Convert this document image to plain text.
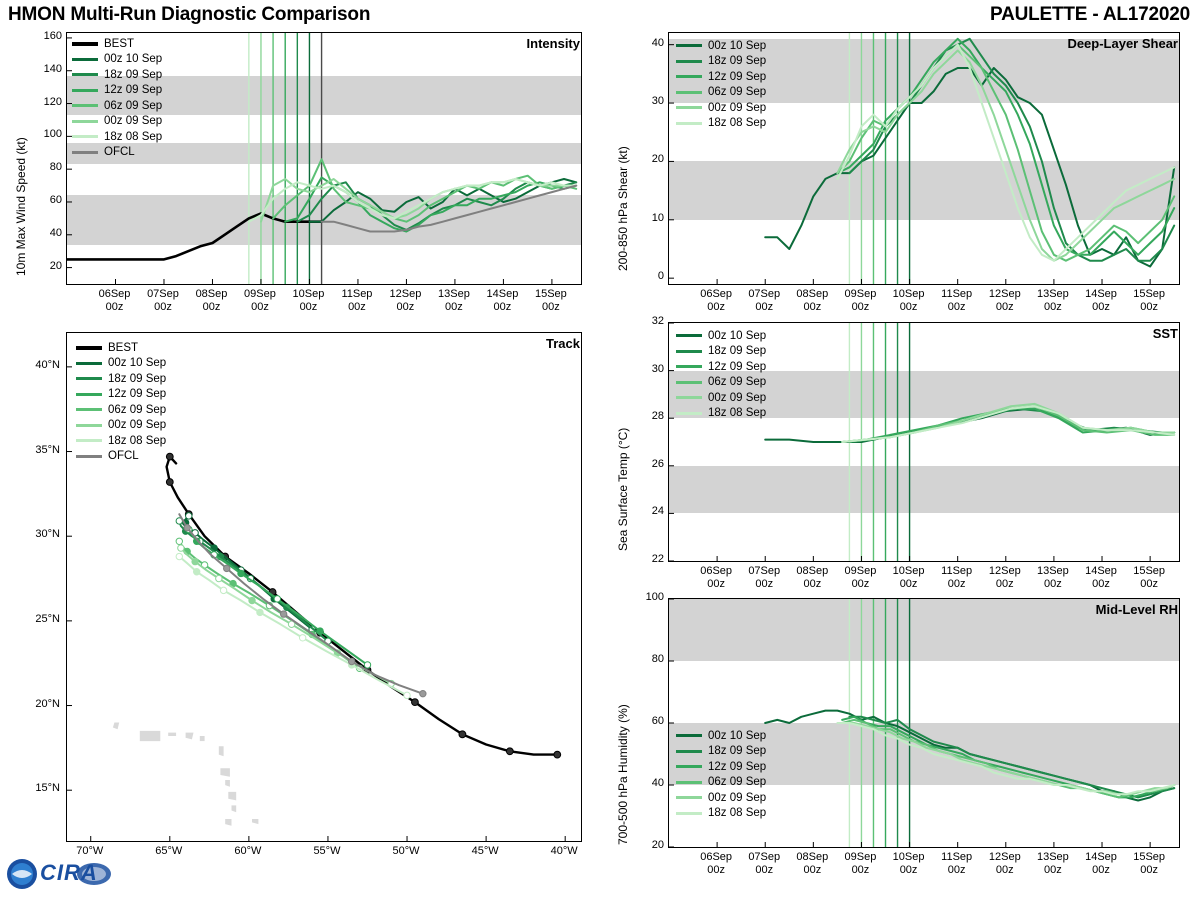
HMON Multi-Run Diagnostic Comparison	PAULETTE - AL172020
10m Max Wind Speed (kt)
Intensity
20
40
60
80
100
120
140
160
06Sep
00z
07Sep
00z
08Sep
00z
09Sep
00z
10Sep
00z
11Sep
00z
12Sep
00z
13Sep
00z
14Sep
00z
15Sep
00z
BEST
00z 10 Sep
18z 09 Sep
12z 09 Sep
06z 09 Sep
00z 09 Sep
18z 08 Sep
OFCL	200-850 hPa Shear (kt)
Deep-Layer Shear
0
10
20
30
40
06Sep
00z
07Sep
00z
08Sep
00z
09Sep
00z
10Sep
00z
11Sep
00z
12Sep
00z
13Sep
00z
14Sep
00z
15Sep
00z
00z 10 Sep
18z 09 Sep
12z 09 Sep
06z 09 Sep
00z 09 Sep
18z 08 Sep
Track
15°N
20°N
25°N
30°N
35°N
40°N
70°W	65°W	60°W	55°W	50°W	45°W	40°W
BEST
00z 10 Sep
18z 09 Sep
12z 09 Sep
06z 09 Sep
00z 09 Sep
18z 08 Sep
OFCL	Sea Surface Temp (°C)
SST
22
24
26
28
30
32
06Sep
00z
07Sep
00z
08Sep
00z
09Sep
00z
10Sep
00z
11Sep
00z
12Sep
00z
13Sep
00z
14Sep
00z
15Sep
00z
00z 10 Sep
18z 09 Sep
12z 09 Sep
06z 09 Sep
00z 09 Sep
18z 08 Sep
700-500 hPa Humidity (%)
Mid-Level RH
20
40
60
80
100
06Sep
00z
07Sep
00z
08Sep
00z
09Sep
00z
10Sep
00z
11Sep
00z
12Sep
00z
13Sep
00z
14Sep
00z
15Sep
00z
00z 10 Sep
18z 09 Sep
12z 09 Sep
06z 09 Sep
00z 09 Sep
18z 08 Sep
CIRA
